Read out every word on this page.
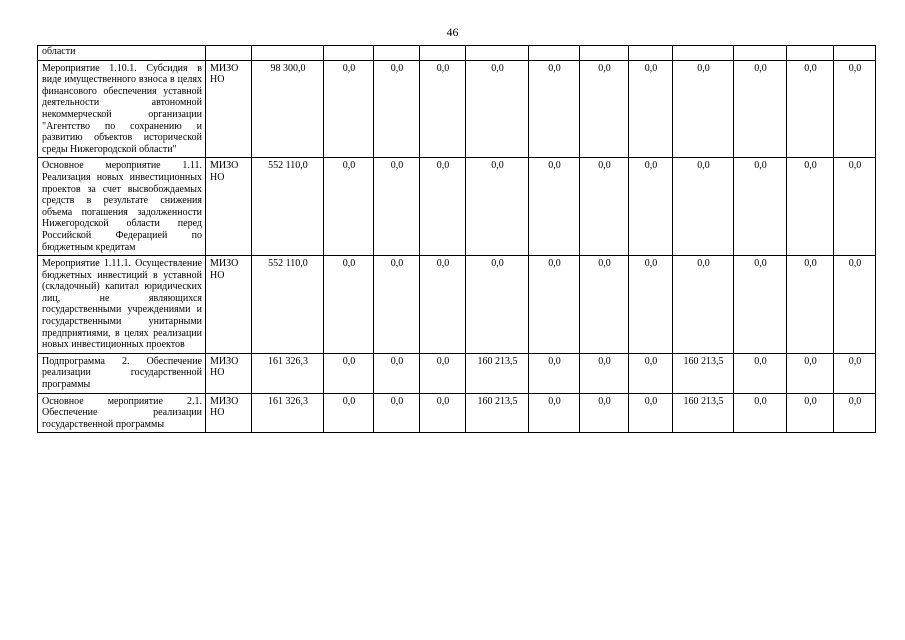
46
области													
Мероприятие 1.10.1. Субсидия в виде имущественного взноса в целях финансового обеспечения уставной деятельности автономной некоммерческой организации "Агентство по сохранению и развитию объектов исторической среды Нижегородской области"	МИЗО НО	98 300,0	0,0	0,0	0,0	0,0	0,0	0,0	0,0	0,0	0,0	0,0	0,0
Основное мероприятие 1.11. Реализация новых инвестиционных проектов за счет высвобождаемых средств в результате снижения объема погашения задолженности Нижегородской области перед Российской Федерацией по бюджетным кредитам	МИЗО НО	552 110,0	0,0	0,0	0,0	0,0	0,0	0,0	0,0	0,0	0,0	0,0	0,0
Мероприятие 1.11.1. Осуществление бюджетных инвестиций в уставной (складочный) капитал юридических лиц, не являющихся государственными учреждениями и государственными унитарными предприятиями, в целях реализации новых инвестиционных проектов	МИЗО НО	552 110,0	0,0	0,0	0,0	0,0	0,0	0,0	0,0	0,0	0,0	0,0	0,0
Подпрограмма 2. Обеспечение реализации государственной программы	МИЗО НО	161 326,3	0,0	0,0	0,0	160 213,5	0,0	0,0	0,0	160 213,5	0,0	0,0	0,0
Основное мероприятие 2.1. Обеспечение реализации государственной программы	МИЗО НО	161 326,3	0,0	0,0	0,0	160 213,5	0,0	0,0	0,0	160 213,5	0,0	0,0	0,0
